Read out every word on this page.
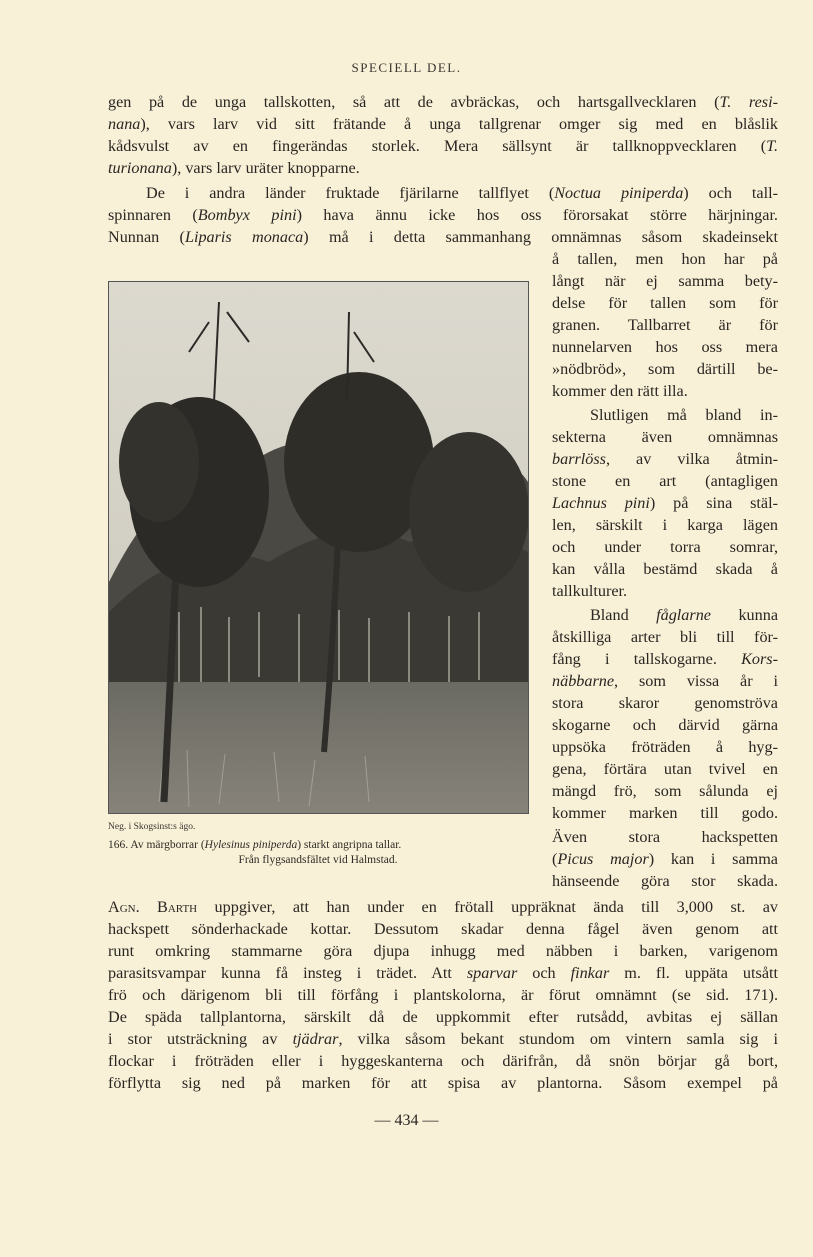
SPECIELL DEL.
gen på de unga tallskotten, så att de avbräckas, och hartsgallvecklaren (T. resi-
nana), vars larv vid sitt frätande å unga tallgrenar omger sig med en blåslik
kådsvulst av en fingerändas storlek. Mera sällsynt är tallknoppvecklaren (T.
turionana), vars larv uräter knopparne.
De i andra länder fruktade fjärilarne tallflyet (Noctua piniperda) och tall-
spinnaren (Bombyx pini) hava ännu icke hos oss förorsakat större härjningar.
Nunnan (Liparis monaca) må i detta sammanhang omnämnas såsom skadeinsekt
å tallen, men hon har på
långt när ej samma bety-
delse för tallen som för
granen. Tallbarret är för
nunnelarven hos oss mera
»nödbröd», som därtill be-
kommer den rätt illa.
Slutligen må bland in-
sekterna även omnämnas
barrlöss, av vilka åtmin-
stone en art (antagligen
Lachnus pini) på sina stäl-
len, särskilt i karga lägen
och under torra somrar,
kan vålla bestämd skada å
tallkulturer.
Bland fåglarne kunna
åtskilliga arter bli till för-
fång i tallskogarne. Kors-
näbbarne, som vissa år i
stora skaror genomströva
skogarne och därvid gärna
uppsöka fröträden å hyg-
gena, förtära utan tvivel en
mängd frö, som sålunda ej
kommer marken till godo.
Även stora hackspetten
(Picus major) kan i samma
hänseende göra stor skada.
Agn. Barth uppgiver, att han under en frötall uppräknat ända till 3,000 st. av
hackspett sönderhackade kottar. Dessutom skadar denna fågel även genom att
runt omkring stammarne göra djupa inhugg med näbben i barken, varigenom
parasitsvampar kunna få insteg i trädet. Att sparvar och finkar m. fl. uppäta utsått
frö och därigenom bli till förfång i plantskolorna, är förut omnämnt (se sid. 171).
De späda tallplantorna, särskilt då de uppkommit efter rutsådd, avbitas ej sällan
i stor utsträckning av tjädrar, vilka såsom bekant stundom om vintern samla sig i
flockar i fröträden eller i hyggeskanterna och därifrån, då snön börjar gå bort,
förflytta sig ned på marken för att spisa av plantorna. Såsom exempel på
Neg. i Skogsinst:s ägo.
166. Av märgborrar (Hylesinus piniperda) starkt angripna tallar.
Från flygsandsfältet vid Halmstad.
— 434 —
